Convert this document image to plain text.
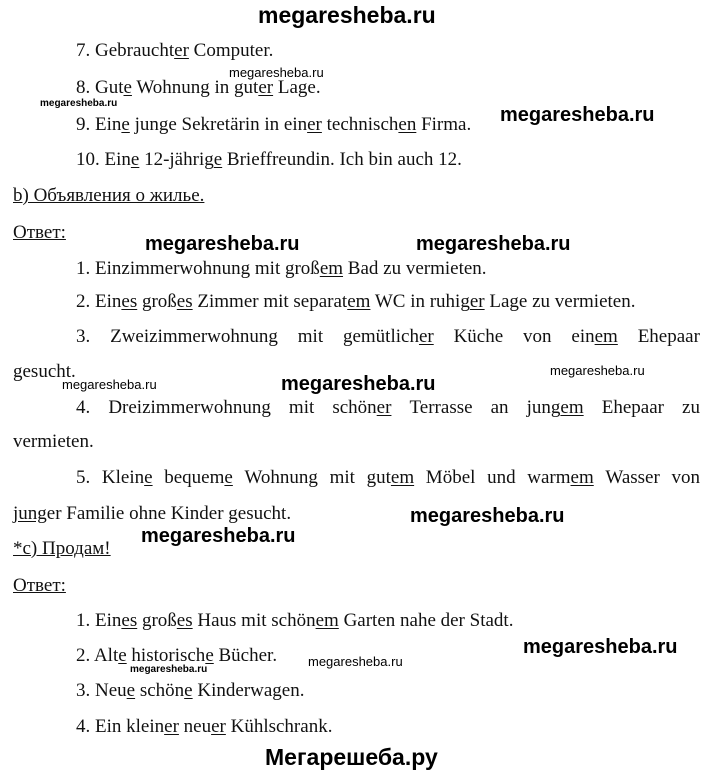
megaresheba.ru
7. Gebrauchter Computer.
megaresheba.ru
8. Gute Wohnung in guter Lage.
megaresheba.ru
megaresheba.ru
9. Eine junge Sekretärin in einer technischen Firma.
10. Eine 12-jährige Brieffreundin. Ich bin auch 12.
b) Объявления о жилье.
Ответ:
megaresheba.ru	megaresheba.ru
1. Einzimmerwohnung mit großem Bad zu vermieten.
2. Eines großes Zimmer mit separatem WC in ruhiger Lage zu vermieten.
3. Zweizimmerwohnung mit gemütlicher Küche von einem Ehepaar
gesucht.	megaresheba.ru
megaresheba.ru	megaresheba.ru
4. Dreizimmerwohnung mit schöner Terrasse an jungem Ehepaar zu
vermieten.
5. Kleine bequeme Wohnung mit gutem Möbel und warmem Wasser von
junger Familie ohne Kinder gesucht.	megaresheba.ru
*c) Продам!
megaresheba.ru
Ответ:
1. Eines großes Haus mit schönem Garten nahe der Stadt.
megaresheba.ru
2. Alte historische Bücher. megaresheba.ru
megaresheba.ru
3. Neue schöne Kinderwagen.
4. Ein kleiner neuer Kühlschrank.
Мегарешеба.ру
